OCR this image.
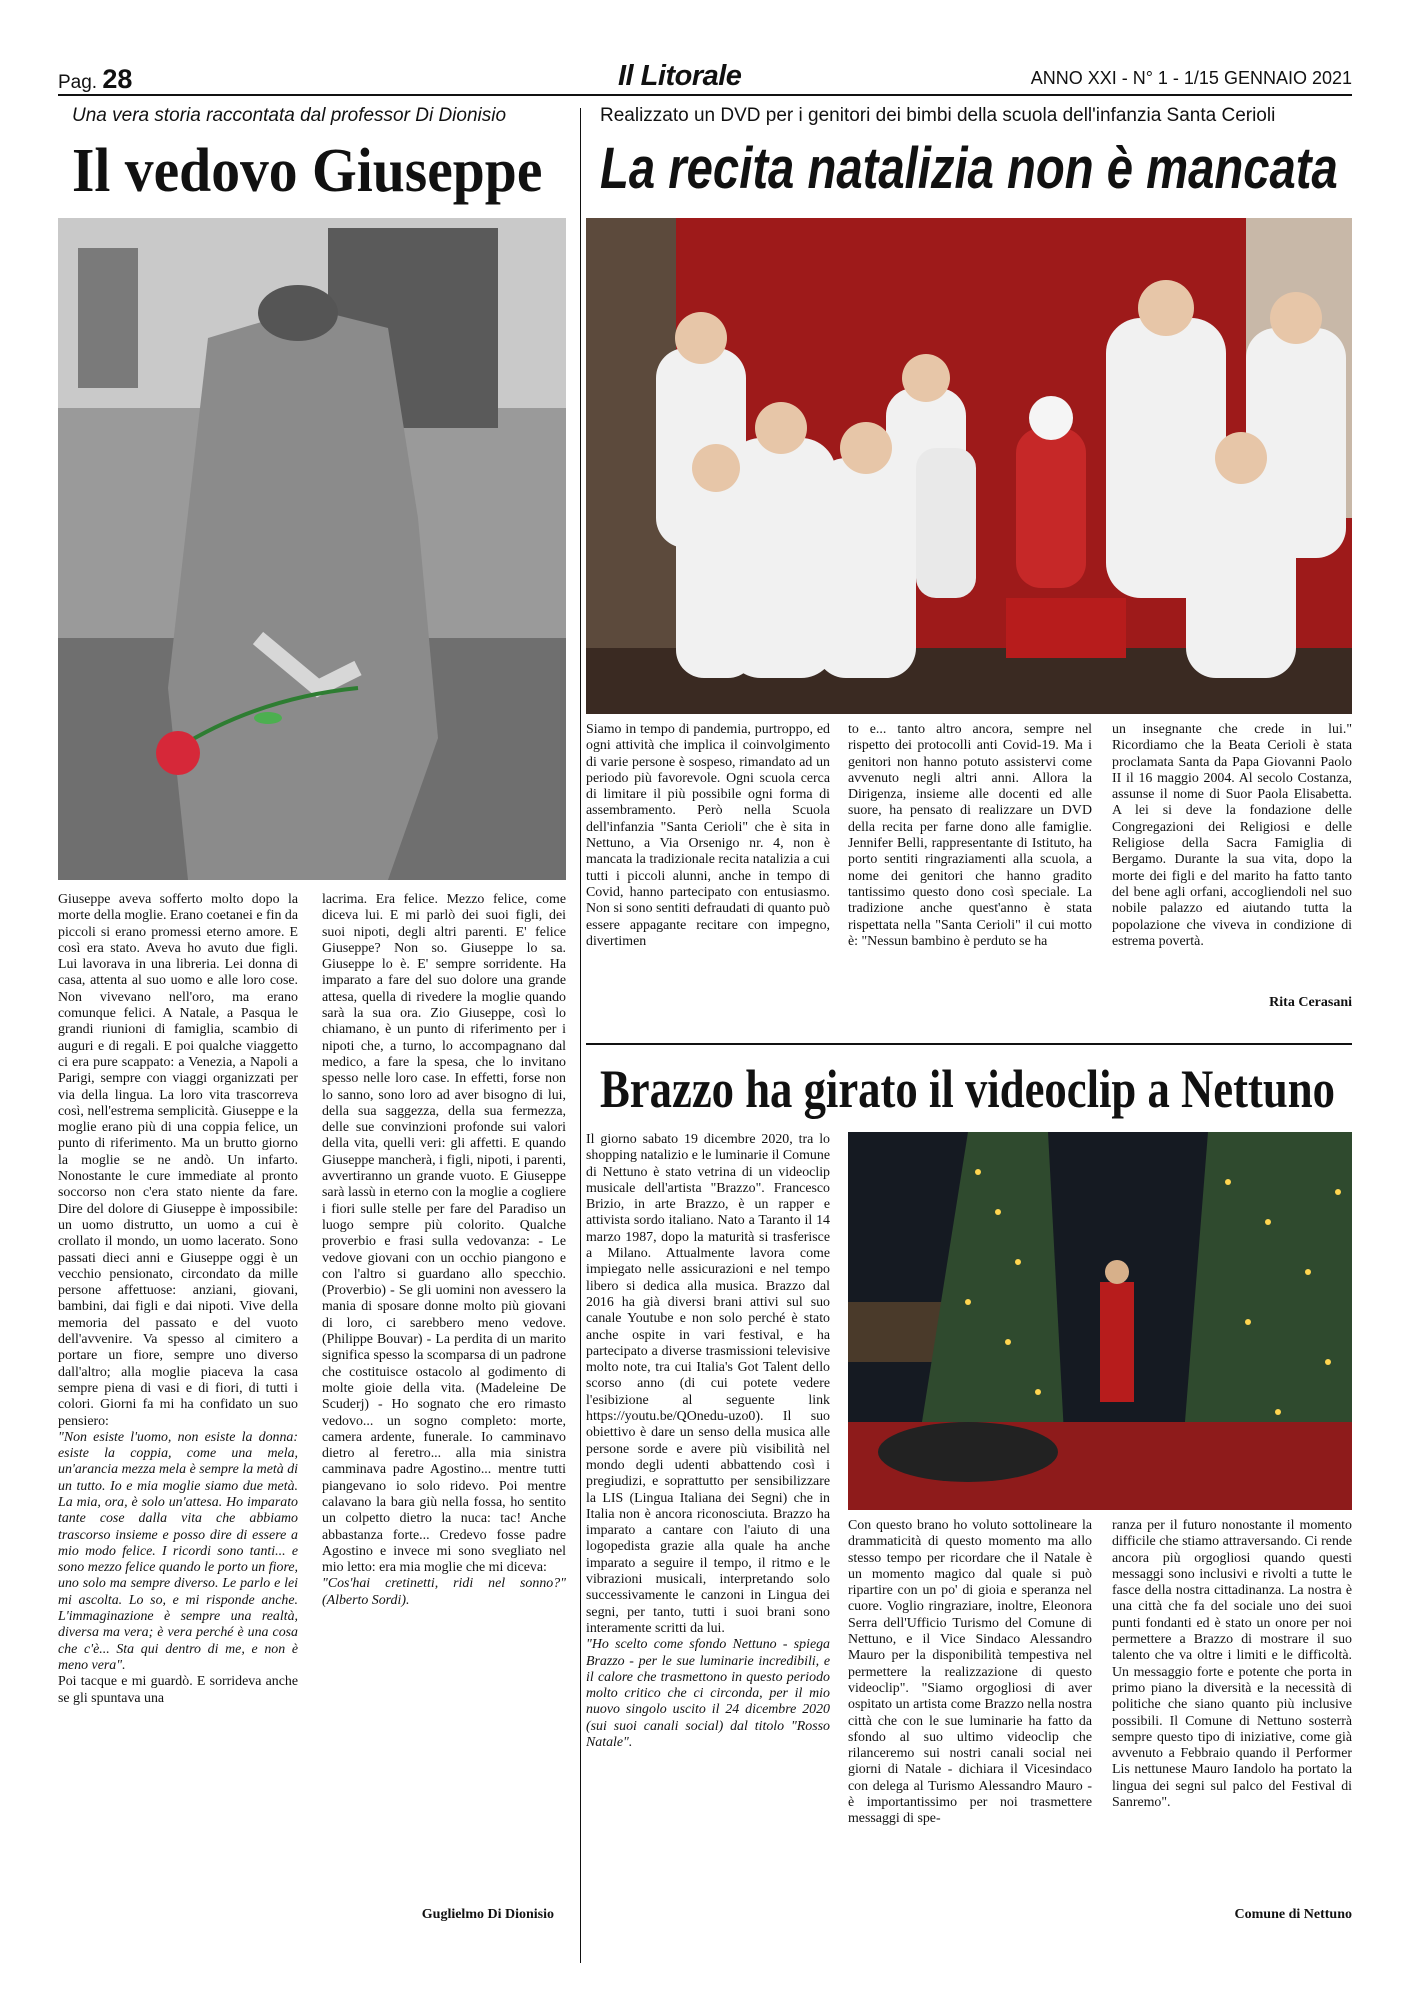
Pag. 28	Il Litorale	ANNO XXI - N° 1 - 1/15 GENNAIO 2021
Una vera storia raccontata dal professor Di Dionisio
Il vedovo Giuseppe

Giuseppe aveva sofferto molto dopo la morte della moglie. Erano coetanei e fin da piccoli si erano promessi eterno amore. E così era stato. Aveva ho avuto due figli. Lui lavorava in una libreria. Lei donna di casa, attenta al suo uomo e alle loro cose. Non vivevano nell'oro, ma erano comunque felici. A Natale, a Pasqua le grandi riunioni di famiglia, scambio di auguri e di regali. E poi qualche viaggetto ci era pure scappato: a Venezia, a Napoli a Parigi, sempre con viaggi organizzati per via della lingua. La loro vita trascorreva così, nell'estrema semplicità. Giuseppe e la moglie erano più di una coppia felice, un punto di riferimento. Ma un brutto giorno la moglie se ne andò. Un infarto. Nonostante le cure immediate al pronto soccorso non c'era stato niente da fare. Dire del dolore di Giuseppe è impossibile: un uomo distrutto, un uomo a cui è crollato il mondo, un uomo lacerato. Sono passati dieci anni e Giuseppe oggi è un vecchio pensionato, circondato da mille persone affettuose: anziani, giovani, bambini, dai figli e dai nipoti. Vive della memoria del passato e del vuoto dell'avvenire. Va spesso al cimitero a portare un fiore, sempre uno diverso dall'altro; alla moglie piaceva la casa sempre piena di vasi e di fiori, di tutti i colori. Giorni fa mi ha confidato un suo pensiero:

"Non esiste l'uomo, non esiste la donna: esiste la coppia, come una mela, un'arancia mezza mela è sempre la metà di un tutto. Io e mia moglie siamo due metà. La mia, ora, è solo un'attesa. Ho imparato tante cose dalla vita che abbiamo trascorso insieme e posso dire di essere a mio modo felice. I ricordi sono tanti... e sono mezzo felice quando le porto un fiore, uno solo ma sempre diverso. Le parlo e lei mi ascolta. Lo so, e mi risponde anche. L'immaginazione è sempre una realtà, diversa ma vera; è vera perché è una cosa che c'è... Sta qui dentro di me, e non è meno vera".

Poi tacque e mi guardò. E sorrideva anche se gli spuntava una

lacrima. Era felice. Mezzo felice, come diceva lui. E mi parlò dei suoi figli, dei suoi nipoti, degli altri parenti. E' felice Giuseppe? Non so. Giuseppe lo sa. Giuseppe lo è. E' sempre sorridente. Ha imparato a fare del suo dolore una grande attesa, quella di rivedere la moglie quando sarà la sua ora. Zio Giuseppe, così lo chiamano, è un punto di riferimento per i nipoti che, a turno, lo accompagnano dal medico, a fare la spesa, che lo invitano spesso nelle loro case. In effetti, forse non lo sanno, sono loro ad aver bisogno di lui, della sua saggezza, della sua fermezza, delle sue convinzioni profonde sui valori della vita, quelli veri: gli affetti. E quando Giuseppe mancherà, i figli, nipoti, i parenti, avvertiranno un grande vuoto. E Giuseppe sarà lassù in eterno con la moglie a cogliere i fiori sulle stelle per fare del Paradiso un luogo sempre più colorito. Qualche proverbio e frasi sulla vedovanza: - Le vedove giovani con un occhio piangono e con l'altro si guardano allo specchio. (Proverbio) - Se gli uomini non avessero la mania di sposare donne molto più giovani di loro, ci sarebbero meno vedove. (Philippe Bouvar) - La perdita di un marito significa spesso la scomparsa di un padrone che costituisce ostacolo al godimento di molte gioie della vita. (Madeleine De Scuderj) - Ho sognato che ero rimasto vedovo... un sogno completo: morte, camera ardente, funerale. Io camminavo dietro al feretro... alla mia sinistra camminava padre Agostino... mentre tutti piangevano io solo ridevo. Poi mentre calavano la bara giù nella fossa, ho sentito un colpetto dietro la nuca: tac! Anche abbastanza forte... Credevo fosse padre Agostino e invece mi sono svegliato nel mio letto: era mia moglie che mi diceva:

"Cos'hai cretinetti, ridi nel sonno?" (Alberto Sordi).

Guglielmo Di Dionisio
Realizzato un DVD per i genitori dei bimbi della scuola dell'infanzia Santa Cerioli
La recita natalizia non è mancata

Siamo in tempo di pandemia, purtroppo, ed ogni attività che implica il coinvolgimento di varie persone è sospeso, rimandato ad un periodo più favorevole. Ogni scuola cerca di limitare il più possibile ogni forma di assembramento. Però nella Scuola dell'infanzia "Santa Cerioli" che è sita in Nettuno, a Via Orsenigo nr. 4, non è mancata la tradizionale recita natalizia a cui tutti i piccoli alunni, anche in tempo di Covid, hanno partecipato con entusiasmo. Non si sono sentiti defraudati di quanto può essere appagante recitare con impegno, divertimen

to e... tanto altro ancora, sempre nel rispetto dei protocolli anti Covid-19. Ma i genitori non hanno potuto assistervi come avvenuto negli altri anni. Allora la Dirigenza, insieme alle docenti ed alle suore, ha pensato di realizzare un DVD della recita per farne dono alle famiglie. Jennifer Belli, rappresentante di Istituto, ha porto sentiti ringraziamenti alla scuola, a nome dei genitori che hanno gradito tantissimo questo dono così speciale. La tradizione anche quest'anno è stata rispettata nella "Santa Cerioli" il cui motto è: "Nessun bambino è perduto se ha

un insegnante che crede in lui." Ricordiamo che la Beata Cerioli è stata proclamata Santa da Papa Giovanni Paolo II il 16 maggio 2004. Al secolo Costanza, assunse il nome di Suor Paola Elisabetta. A lei si deve la fondazione delle Congregazioni dei Religiosi e delle Religiose della Sacra Famiglia di Bergamo. Durante la sua vita, dopo la morte dei figli e del marito ha fatto tanto del bene agli orfani, accogliendoli nel suo nobile palazzo ed aiutando tutta la popolazione che viveva in condizione di estrema povertà.

Rita Cerasani
Brazzo ha girato il videoclip a Nettuno

Il giorno sabato 19 dicembre 2020, tra lo shopping natalizio e le luminarie il Comune di Nettuno è stato vetrina di un videoclip musicale dell'artista "Brazzo". Francesco Brizio, in arte Brazzo, è un rapper e attivista sordo italiano. Nato a Taranto il 14 marzo 1987, dopo la maturità si trasferisce a Milano. Attualmente lavora come impiegato nelle assicurazioni e nel tempo libero si dedica alla musica. Brazzo dal 2016 ha già diversi brani attivi sul suo canale Youtube e non solo perché è stato anche ospite in vari festival, e ha partecipato a diverse trasmissioni televisive molto note, tra cui Italia's Got Talent dello scorso anno (di cui potete vedere l'esibizione al seguente link https://youtu.be/QOnedu-uzo0). Il suo obiettivo è dare un senso della musica alle persone sorde e avere più visibilità nel mondo degli udenti abbattendo così i pregiudizi, e soprattutto per sensibilizzare la LIS (Lingua Italiana dei Segni) che in Italia non è ancora riconosciuta. Brazzo ha imparato a cantare con l'aiuto di una logopedista grazie alla quale ha anche imparato a seguire il tempo, il ritmo e le vibrazioni musicali, interpretando solo successivamente le canzoni in Lingua dei segni, per tanto, tutti i suoi brani sono interamente scritti da lui.

"Ho scelto come sfondo Nettuno - spiega Brazzo - per le sue luminarie incredibili, e il calore che trasmettono in questo periodo molto critico che ci circonda, per il mio nuovo singolo uscito il 24 dicembre 2020 (sui suoi canali social) dal titolo "Rosso Natale".

Con questo brano ho voluto sottolineare la drammaticità di questo momento ma allo stesso tempo per ricordare che il Natale è un momento magico dal quale si può ripartire con un po' di gioia e speranza nel cuore. Voglio ringraziare, inoltre, Eleonora Serra dell'Ufficio Turismo del Comune di Nettuno, e il Vice Sindaco Alessandro Mauro per la disponibilità tempestiva nel permettere la realizzazione di questo videoclip". "Siamo orgogliosi di aver ospitato un artista come Brazzo nella nostra città che con le sue luminarie ha fatto da sfondo al suo ultimo videoclip che rilanceremo sui nostri canali social nei giorni di Natale - dichiara il Vicesindaco con delega al Turismo Alessandro Mauro - è importantissimo per noi trasmettere messaggi di spe-

ranza per il futuro nonostante il momento difficile che stiamo attraversando. Ci rende ancora più orgogliosi quando questi messaggi sono inclusivi e rivolti a tutte le fasce della nostra cittadinanza. La nostra è una città che fa del sociale uno dei suoi punti fondanti ed è stato un onore per noi permettere a Brazzo di mostrare il suo talento che va oltre i limiti e le difficoltà. Un messaggio forte e potente che porta in primo piano la diversità e la necessità di politiche che siano quanto più inclusive possibili. Il Comune di Nettuno sosterrà sempre questo tipo di iniziative, come già avvenuto a Febbraio quando il Performer Lis nettunese Mauro Iandolo ha portato la lingua dei segni sul palco del Festival di Sanremo".

Comune di Nettuno
